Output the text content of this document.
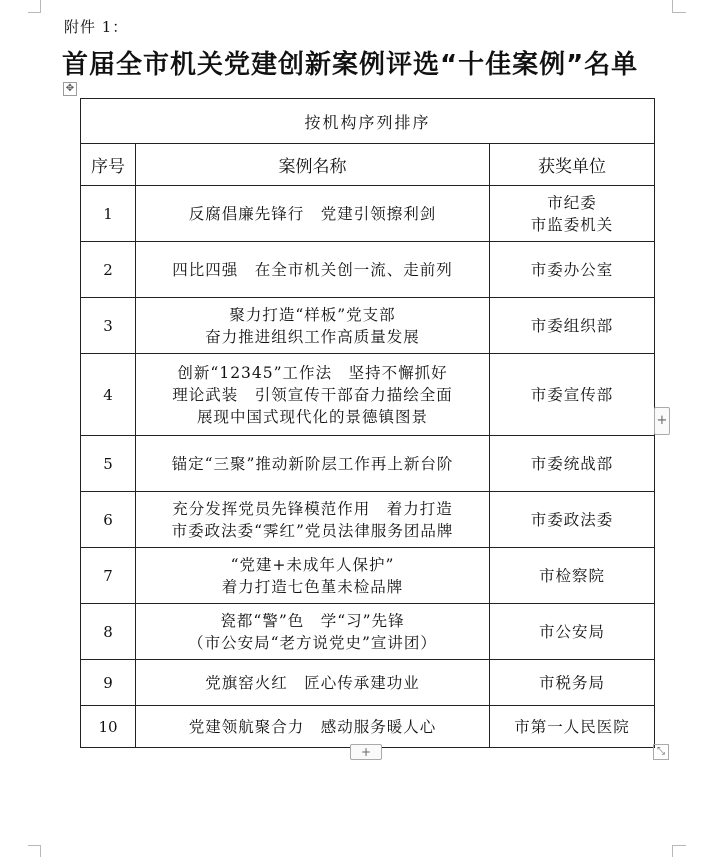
附件 1：
首届全市机关党建创新案例评选“十佳案例”名单
✥
按机构序列排序		
序号	案例名称	获奖单位
1	反腐倡廉先锋行　党建引领擦利剑	市纪委
市监委机关

2	四比四强　在全市机关创一流、走前列	市委办公室

3	聚力打造“样板”党支部
奋力推进组织工作高质量发展	市委组织部

4	创新“12345”工作法　坚持不懈抓好
理论武装　引领宣传干部奋力描绘全面
展现中国式现代化的景德镇图景	市委宣传部

5	锚定“三聚”推动新阶层工作再上新台阶	市委统战部

6	充分发挥党员先锋模范作用　着力打造
市委政法委“霁红”党员法律服务团品牌	市委政法委

7	“党建+未成年人保护”
着力打造七色堇未检品牌	市检察院

8	瓷都“警”色　学“习”先锋
（市公安局“老方说党史”宣讲团）	市公安局

9	党旗窑火红　匠心传承建功业	市税务局

10	党建领航聚合力　感动服务暖人心	市第一人民医院
+
+	⤡
